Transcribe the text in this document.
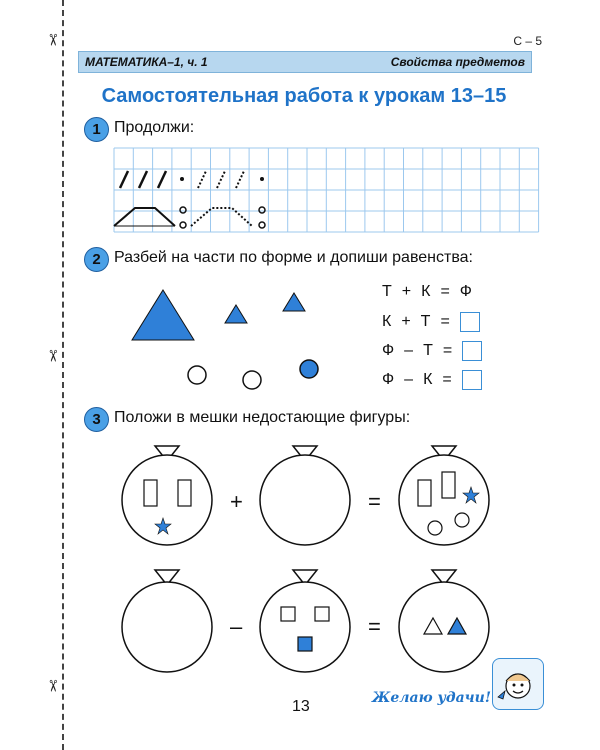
✂
✂
✂
С – 5
МАТЕМАТИКА–1, ч. 1	Свойства предметов
Самостоятельная работа к урокам 13–15
1 Продолжи:
2 Разбей на части по форме и допиши равенства:
3 Положи в мешки недостающие фигуры:
Т + К = Ф
К + Т =
Ф – Т =
Ф – К =
+	=
–	=
13	Желаю удачи!
